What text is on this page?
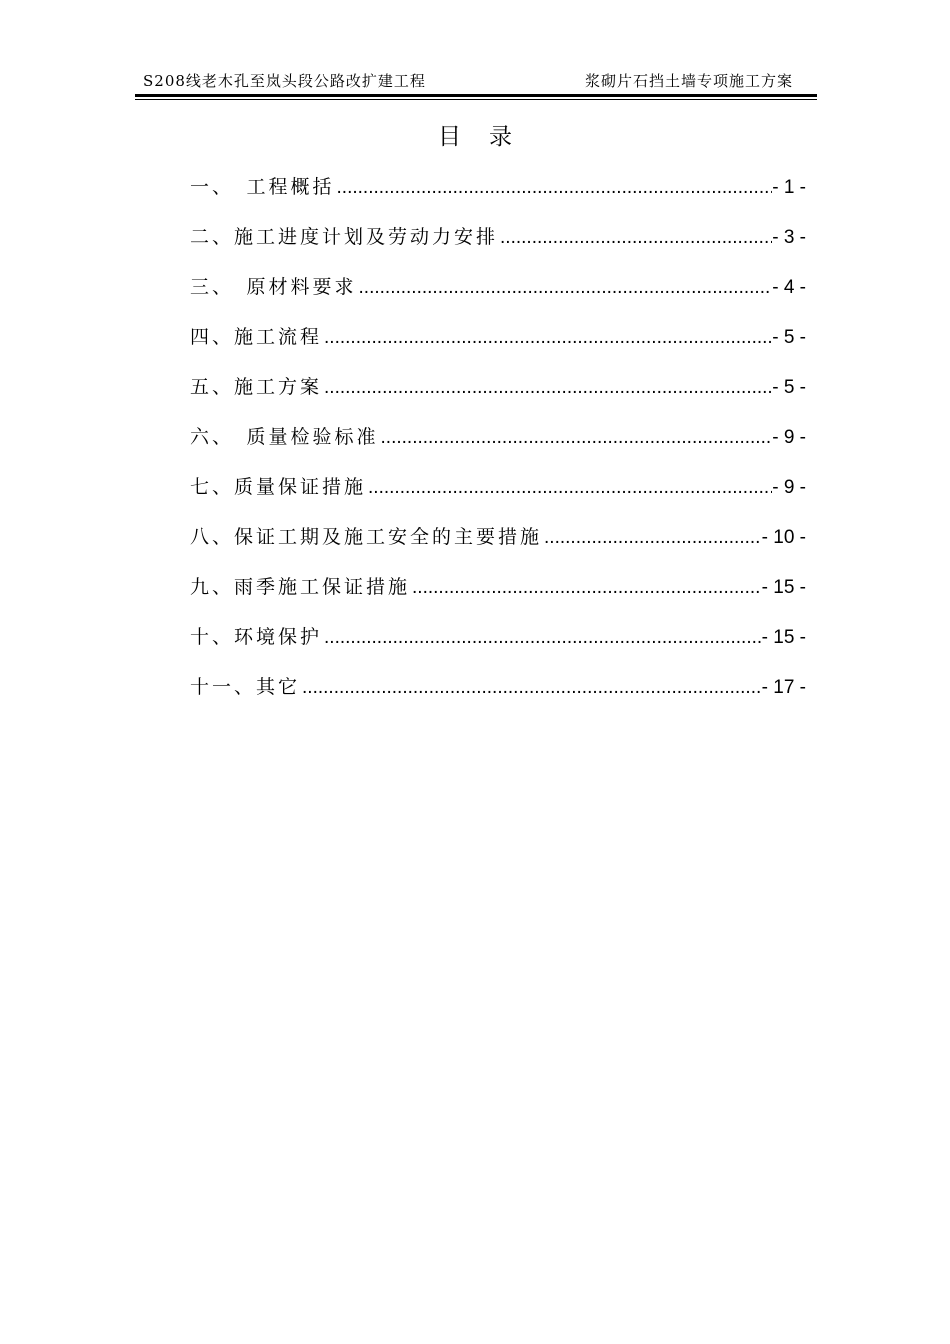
S208线老木孔至岚头段公路改扩建工程	浆砌片石挡土墙专项施工方案
目录
一、　工程概括 .....	- 1 -
二、施工进度计划及劳动力安排 .....	- 3 -
三、　原材料要求 .....	- 4 -
四、施工流程 .....	- 5 -
五、施工方案 .....	- 5 -
六、　质量检验标准 .....	- 9 -
七、质量保证措施 .....	- 9 -
八、保证工期及施工安全的主要措施 .....	- 10 -
九、雨季施工保证措施 .....	- 15 -
十、环境保护 .....	- 15 -
十一、其它 .....	- 17 -
